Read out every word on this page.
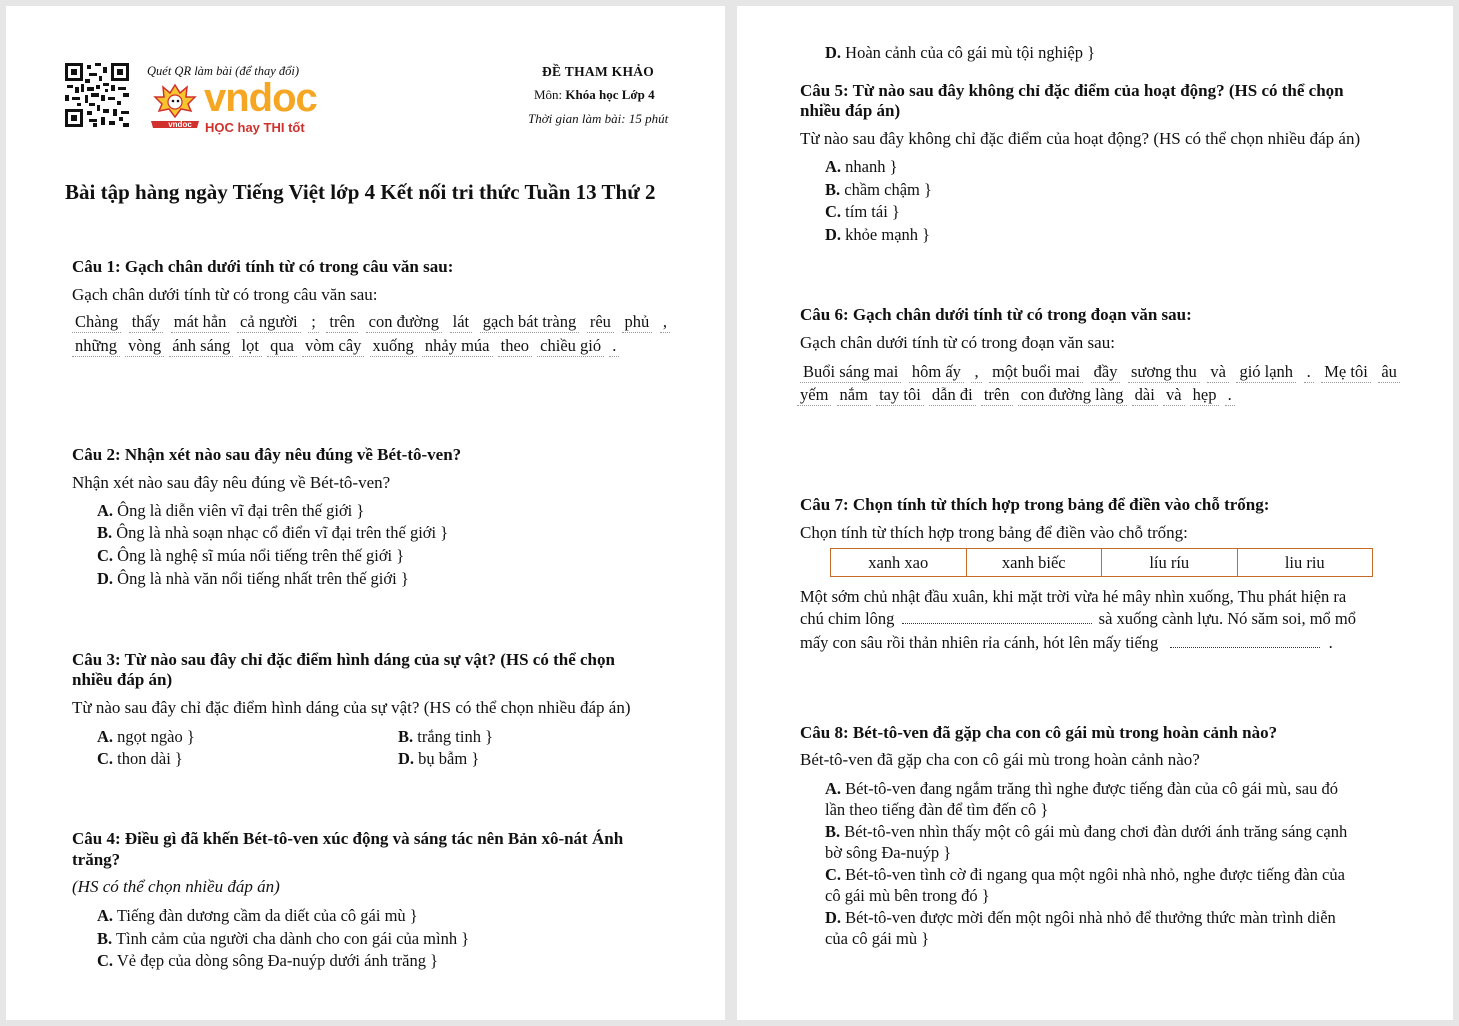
Quét QR làm bài (để thay đổi)
vndoc
vndoc	HỌC hay THI tốt
ĐỀ THAM KHẢO
Môn: Khóa học Lớp 4
Thời gian làm bài: 15 phút
Bài tập hàng ngày Tiếng Việt lớp 4 Kết nối tri thức Tuần 13 Thứ 2
Câu 1: Gạch chân dưới tính từ có trong câu văn sau:
Gạch chân dưới tính từ có trong câu văn sau:
Chàng thấy mát hẳn cả người ; trên con đường lát gạch bát tràng rêu phủ ,
những vòng ánh sáng lọt qua vòm cây xuống nhảy múa theo chiều gió .
Câu 2: Nhận xét nào sau đây nêu đúng về Bét-tô-ven?
Nhận xét nào sau đây nêu đúng về Bét-tô-ven?
A. Ông là diễn viên vĩ đại trên thế giới }
B. Ông là nhà soạn nhạc cổ điển vĩ đại trên thế giới }
C. Ông là nghệ sĩ múa nổi tiếng trên thế giới }
D. Ông là nhà văn nổi tiếng nhất trên thế giới }
Câu 3: Từ nào sau đây chỉ đặc điểm hình dáng của sự vật? (HS có thể chọn
nhiều đáp án)
Từ nào sau đây chỉ đặc điểm hình dáng của sự vật? (HS có thể chọn nhiều đáp án)
A. ngọt ngào }	B. trắng tinh }
C. thon dài }	D. bụ bẫm }
Câu 4: Điều gì đã khến Bét-tô-ven xúc động và sáng tác nên Bản xô-nát Ánh
trăng?
(HS có thể chọn nhiều đáp án)
A. Tiếng đàn dương cầm da diết của cô gái mù }
B. Tình cảm của người cha dành cho con gái của mình }
C. Vẻ đẹp của dòng sông Đa-nuýp dưới ánh trăng }
D. Hoàn cảnh của cô gái mù tội nghiệp }
Câu 5: Từ nào sau đây không chỉ đặc điểm của hoạt động? (HS có thể chọn
nhiều đáp án)
Từ nào sau đây không chỉ đặc điểm của hoạt động? (HS có thể chọn nhiều đáp án)
A. nhanh }
B. chầm chậm }
C. tím tái }
D. khỏe mạnh }
Câu 6: Gạch chân dưới tính từ có trong đoạn văn sau:
Gạch chân dưới tính từ có trong đoạn văn sau:
Buổi sáng mai hôm ấy , một buổi mai đầy sương thu và gió lạnh . Mẹ tôi âu
yếm nắm tay tôi dẫn đi trên con đường làng dài và hẹp .
Câu 7: Chọn tính từ thích hợp trong bảng để điền vào chỗ trống:
Chọn tính từ thích hợp trong bảng để điền vào chỗ trống:
xanh xao	xanh biếc	líu ríu	liu riu
Một sớm chủ nhật đầu xuân, khi mặt trời vừa hé mây nhìn xuống, Thu phát hiện ra
chú chim lông	sà xuống cành lựu. Nó săm soi, mổ mổ
mấy con sâu rồi thản nhiên rỉa cánh, hót lên mấy tiếng	.
Câu 8: Bét-tô-ven đã gặp cha con cô gái mù trong hoàn cảnh nào?
Bét-tô-ven đã gặp cha con cô gái mù trong hoàn cảnh nào?
A. Bét-tô-ven đang ngắm trăng thì nghe được tiếng đàn của cô gái mù, sau đó
lần theo tiếng đàn để tìm đến cô }
B. Bét-tô-ven nhìn thấy một cô gái mù đang chơi đàn dưới ánh trăng sáng cạnh
bờ sông Đa-nuýp }
C. Bét-tô-ven tình cờ đi ngang qua một ngôi nhà nhỏ, nghe được tiếng đàn của
cô gái mù bên trong đó }
D. Bét-tô-ven được mời đến một ngôi nhà nhỏ để thưởng thức màn trình diễn
của cô gái mù }
